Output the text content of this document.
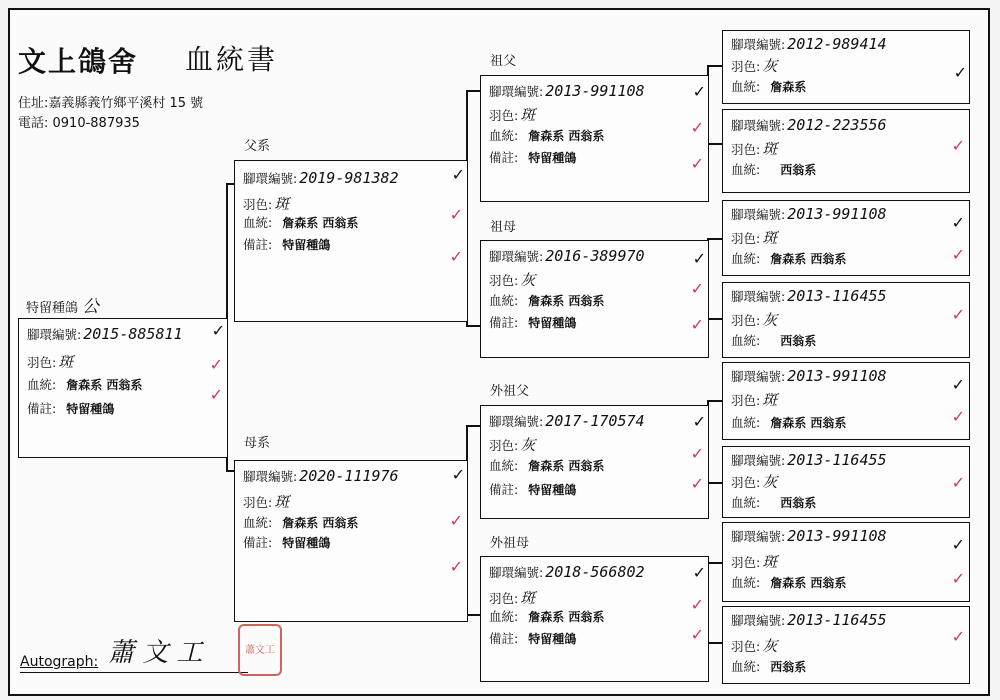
文上鴿舍 血統書
住址:嘉義縣義竹鄉平溪村 15 號
電話: 0910-887935
特留種鴿 公
腳環編號: 2015-885811
羽色: 斑
血統: 詹森系 西翁系
備註: 特留種鴿
✓
✓
✓
父系
腳環編號: 2019-981382
羽色: 斑
血統: 詹森系 西翁系
備註: 特留種鴿
✓
✓
✓
母系
腳環編號: 2020-111976
羽色: 斑
血統: 詹森系 西翁系
備註: 特留種鴿
✓
✓
✓
祖父
腳環編號: 2013-991108
羽色: 斑
血統: 詹森系 西翁系
備註: 特留種鴿
✓
✓
✓
祖母
腳環編號: 2016-389970
羽色: 灰
血統: 詹森系 西翁系
備註: 特留種鴿
✓
✓
✓
外祖父
腳環編號: 2017-170574
羽色: 灰
血統: 詹森系 西翁系
備註: 特留種鴿
✓
✓
✓
外祖母
腳環編號: 2018-566802
羽色: 斑
血統: 詹森系 西翁系
備註: 特留種鴿
✓
✓
✓
腳環編號: 2012-989414
羽色: 灰
血統: 詹森系
✓
腳環編號: 2012-223556
羽色: 斑
血統: 西翁系
✓
腳環編號: 2013-991108
羽色: 斑
血統: 詹森系 西翁系
✓
✓
腳環編號: 2013-116455
羽色: 灰
血統: 西翁系
✓
腳環編號: 2013-991108
羽色: 斑
血統: 詹森系 西翁系
✓
✓
腳環編號: 2013-116455
羽色: 灰
血統: 西翁系
✓
腳環編號: 2013-991108
羽色: 斑
血統: 詹森系 西翁系
✓
✓
腳環編號: 2013-116455
羽色: 灰
血統: 西翁系
✓
Autograph: 蕭 文 工	蕭文工
